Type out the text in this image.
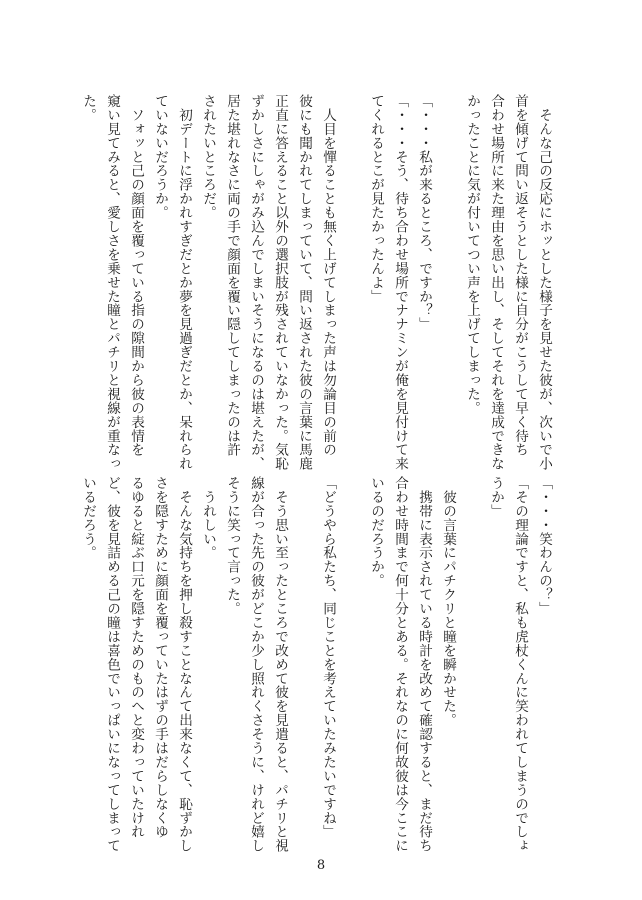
　そんな己の反応にホッとした様子を見せた彼が、次いで小
首を傾げて問い返そうとした様に自分がこうして早く待ち
合わせ場所に来た理由を思い出し、そしてそれを達成できな
かったことに気が付いてつい声を上げてしまった。

「・・・私が来るところ、ですか？」
「・・・そう、待ち合わせ場所でナナミンが俺を見付けて来
てくれるとこが見たかったんよ」

　人目を憚ることも無く上げてしまった声は勿論目の前の
彼にも聞かれてしまっていて、問い返された彼の言葉に馬鹿
正直に答えること以外の選択肢が残されていなかった。気恥
ずかしさにしゃがみ込んでしまいそうになるのは堪えたが、
居た堪れなさに両の手で顔面を覆い隠してしまったのは許
されたいところだ。

　初デートに浮かれすぎだとか夢を見過ぎだとか、呆れられ
ていないだろうか。

　ソォッと己の顔面を覆っている指の隙間から彼の表情を
窺い見てみると、愛しさを乗せた瞳とパチリと視線が重なっ
た。

「・・・笑わんの？」
「その理論ですと、私も虎杖くんに笑われてしまうのでしょ
うか」

　彼の言葉にパチクリと瞳を瞬かせた。
　携帯に表示されている時計を改めて確認すると、まだ待ち
合わせ時間まで何十分とある。それなのに何故彼は今ここに
いるのだろうか。

「どうやら私たち、同じことを考えていたみたいですね」

　そう思い至ったところで改めて彼を見遣ると、パチリと視
線が合った先の彼がどこか少し照れくさそうに、けれど嬉し
そうに笑って言った。

　うれしい。
　そんな気持ちを押し殺すことなんて出来なくて、恥ずかし
さを隠すために顔面を覆っていたはずの手はだらしなくゆ
るゆると綻ぶ口元を隠すためのものへと変わっていたけれ
ど、彼を見詰める己の瞳は喜色でいっぱいになってしまって
いるだろう。

8
